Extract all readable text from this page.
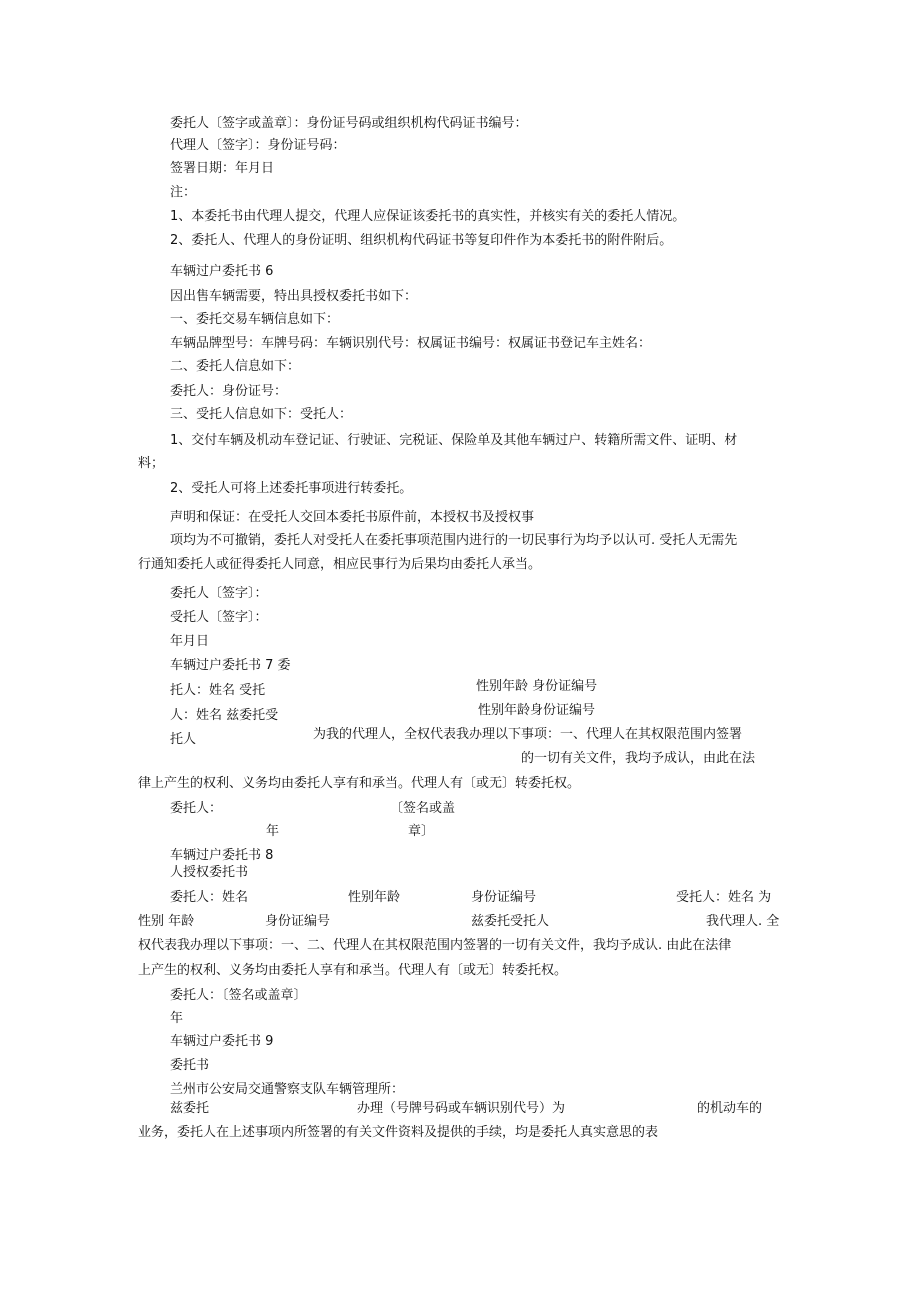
委托人〔签字或盖章〕：身份证号码或组织机构代码证书编号：
代理人〔签字〕：身份证号码：
签署日期：年月日
注：
1、本委托书由代理人提交，代理人应保证该委托书的真实性，并核实有关的委托人情况。
2、委托人、代理人的身份证明、组织机构代码证书等复印件作为本委托书的附件附后。
车辆过户委托书 6
因出售车辆需要，特出具授权委托书如下：
一、委托交易车辆信息如下：
车辆品牌型号：车牌号码：车辆识别代号：权属证书编号：权属证书登记车主姓名：
二、委托人信息如下：
委托人：身份证号：
三、受托人信息如下：受托人：
1、交付车辆及机动车登记证、行驶证、完税证、保险单及其他车辆过户、转籍所需文件、证明、材
料；
2、受托人可将上述委托事项进行转委托。
声明和保证：在受托人交回本委托书原件前，本授权书及授权事
项均为不可撤销，委托人对受托人在委托事项范围内进行的一切民事行为均予以认可. 受托人无需先
行通知委托人或征得委托人同意，相应民事行为后果均由委托人承当。
委托人〔签字〕：
受托人〔签字〕：
年月日
车辆过户委托书 7 委
托人：姓名 受托	性别年龄 身份证编号
人：姓名 兹委托受	性别年龄身份证编号
托人	为我的代理人，全权代表我办理以下事项：一、代理人在其权限范围内签署
的一切有关文件，我均予成认，由此在法
律上产生的权利、义务均由委托人享有和承当。代理人有〔或无〕转委托权。
委托人：	〔签名或盖
年	章〕
车辆过户委托书 8
人授权委托书
委托人：姓名	性别年龄	身份证编号	受托人：姓名 为
性别 年龄	身份证编号	兹委托受托人	我代理人. 全
权代表我办理以下事项：一、二、代理人在其权限范围内签署的一切有关文件，我均予成认. 由此在法律
上产生的权利、义务均由委托人享有和承当。代理人有〔或无〕转委托权。
委托人：〔签名或盖章〕
年
车辆过户委托书 9
委托书
兰州市公安局交通警察支队车辆管理所：
兹委托	办理（号牌号码或车辆识别代号）为	的机动车的
业务，委托人在上述事项内所签署的有关文件资料及提供的手续，均是委托人真实意思的表
